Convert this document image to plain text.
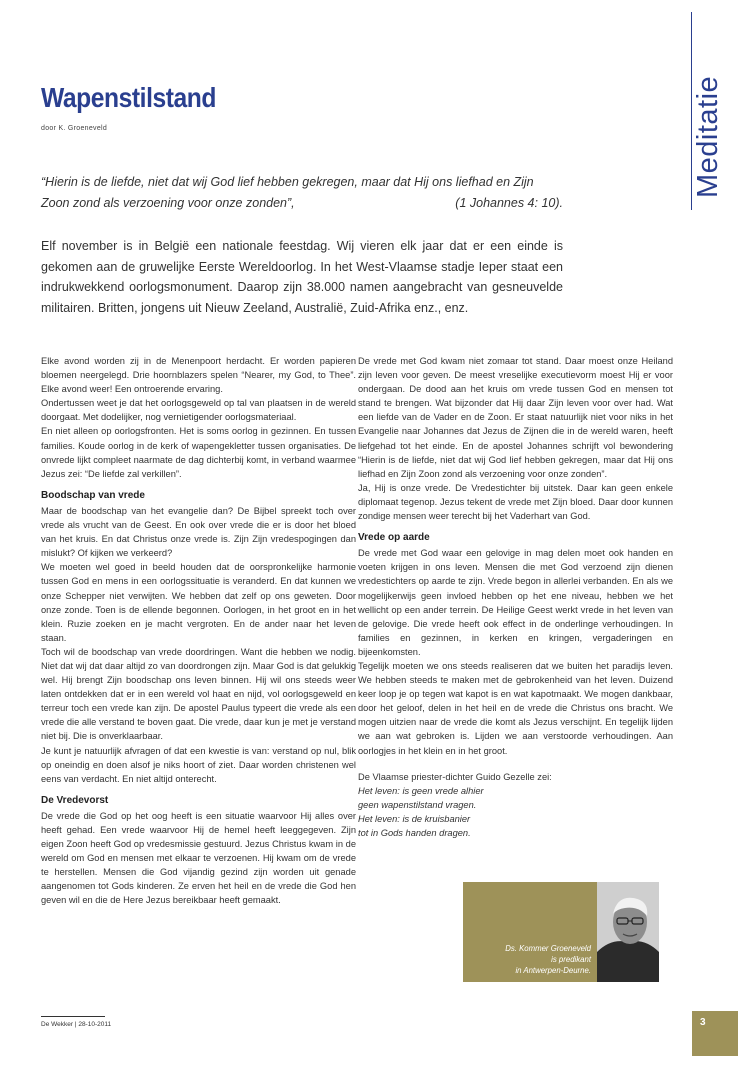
Meditatie
Wapenstilstand
door K. Groeneveld

“Hierin is de liefde, niet dat wij God lief hebben gekregen, maar dat Hij ons liefhad en Zijn Zoon zond als verzoening voor onze zonden”,	(1 Johannes 4: 10).

Elf november is in België een nationale feestdag. Wij vieren elk jaar dat er een einde is gekomen aan de gruwelijke Eerste Wereldoorlog. In het West-Vlaamse stadje Ieper staat een indrukwekkend oorlogsmonument. Daarop zijn 38.000 namen aangebracht van gesneuvelde militairen. Britten, jongens uit Nieuw Zeeland, Australië, Zuid-Afrika enz., enz.

Elke avond worden zij in de Menenpoort herdacht. Er worden papieren bloemen neergelegd. Drie hoornblazers spelen “Nearer, my God, to Thee”. Elke avond weer! Een ontroerende ervaring.

Ondertussen weet je dat het oorlogsgeweld op tal van plaatsen in de wereld doorgaat. Met dodelijker, nog vernietigender oorlogsmateriaal.

En niet alleen op oorlogsfronten. Het is soms oorlog in gezinnen. En tussen families. Koude oorlog in de kerk of wapengekletter tussen organisaties. De onvrede lijkt compleet naarmate de dag dichterbij komt, in verband waarmee Jezus zei: “De liefde zal verkillen”.

Boodschap van vrede

Maar de boodschap van het evangelie dan? De Bijbel spreekt toch over vrede als vrucht van de Geest. En ook over vrede die er is door het bloed van het kruis. En dat Christus onze vrede is. Zijn Zijn vredespogingen dan mislukt? Of kijken we verkeerd?

We moeten wel goed in beeld houden dat de oorspronkelijke harmonie tussen God en mens in een oorlogssituatie is veranderd. En dat kunnen we onze Schepper niet verwijten. We hebben dat zelf op ons geweten. Door onze zonde. Toen is de ellende begonnen. Oorlogen, in het groot en in het klein. Ruzie zoeken en je macht vergroten. En de ander naar het leven staan.

Toch wil de boodschap van vrede doordringen. Want die hebben we nodig. Niet dat wij dat daar altijd zo van doordrongen zijn. Maar God is dat gelukkig wel. Hij brengt Zijn boodschap ons leven binnen. Hij wil ons steeds weer laten ontdekken dat er in een wereld vol haat en nijd, vol oorlogsgeweld en terreur toch een vrede kan zijn. De apostel Paulus typeert die vrede als een vrede die alle verstand te boven gaat. Die vrede, daar kun je met je verstand niet bij. Die is onverklaarbaar.

Je kunt je natuurlijk afvragen of dat een kwestie is van: verstand op nul, blik op oneindig en doen alsof je niks hoort of ziet. Daar worden christenen wel eens van verdacht. En niet altijd onterecht.

De Vredevorst

De vrede die God op het oog heeft is een situatie waarvoor Hij alles over heeft gehad. Een vrede waarvoor Hij de hemel heeft leeggegeven. Zijn eigen Zoon heeft God op vredesmissie gestuurd. Jezus Christus kwam in de wereld om God en mensen met elkaar te verzoenen. Hij kwam om de vrede te herstellen. Mensen die God vijandig gezind zijn worden uit genade aangenomen tot Gods kinderen. Ze erven het heil en de vrede die God hen geven wil en die de Here Jezus bereikbaar heeft gemaakt.

De vrede met God kwam niet zomaar tot stand. Daar moest onze Heiland zijn leven voor geven. De meest vreselijke executievorm moest Hij er voor ondergaan. De dood aan het kruis om vrede tussen God en mensen tot stand te brengen. Wat bijzonder dat Hij daar Zijn leven voor over had. Wat een liefde van de Vader en de Zoon. Er staat natuurlijk niet voor niks in het Evangelie naar Johannes dat Jezus de Zijnen die in de wereld waren, heeft liefgehad tot het einde. En de apostel Johannes schrijft vol bewondering “Hierin is de liefde, niet dat wij God lief hebben gekregen, maar dat Hij ons liefhad en Zijn Zoon zond als verzoening voor onze zonden”.

Ja, Hij is onze vrede. De Vredestichter bij uitstek. Daar kan geen enkele diplomaat tegenop. Jezus tekent de vrede met Zijn bloed. Daar door kunnen zondige mensen weer terecht bij het Vaderhart van God.

Vrede op aarde

De vrede met God waar een gelovige in mag delen moet ook handen en voeten krijgen in ons leven. Mensen die met God verzoend zijn dienen vredestichters op aarde te zijn. Vrede begon in allerlei verbanden. En als we mogelijkerwijs geen invloed hebben op het ene niveau, hebben we het wellicht op een ander terrein. De Heilige Geest werkt vrede in het leven van de gelovige. Die vrede heeft ook effect in de onderlinge verhoudingen. In families en gezinnen, in kerken en kringen, vergaderingen en bijeenkomsten.

Tegelijk moeten we ons steeds realiseren dat we buiten het paradijs leven. We hebben steeds te maken met de gebrokenheid van het leven. Duizend keer loop je op tegen wat kapot is en wat kapotmaakt. We mogen dankbaar, door het geloof, delen in het heil en de vrede die Christus ons bracht. We mogen uitzien naar de vrede die komt als Jezus verschijnt. En tegelijk lijden we aan wat gebroken is. Lijden we aan verstoorde verhoudingen. Aan oorlogjes in het klein en in het groot.

De Vlaamse priester-dichter Guido Gezelle zei:

Het leven: is geen vrede alhier
geen wapenstilstand vragen.
Het leven: is de kruisbanier
tot in Gods handen dragen.
Ds. Kommer Groeneveld
is predikant
in Antwerpen-Deurne.
De Wekker | 28-10-2011	3
